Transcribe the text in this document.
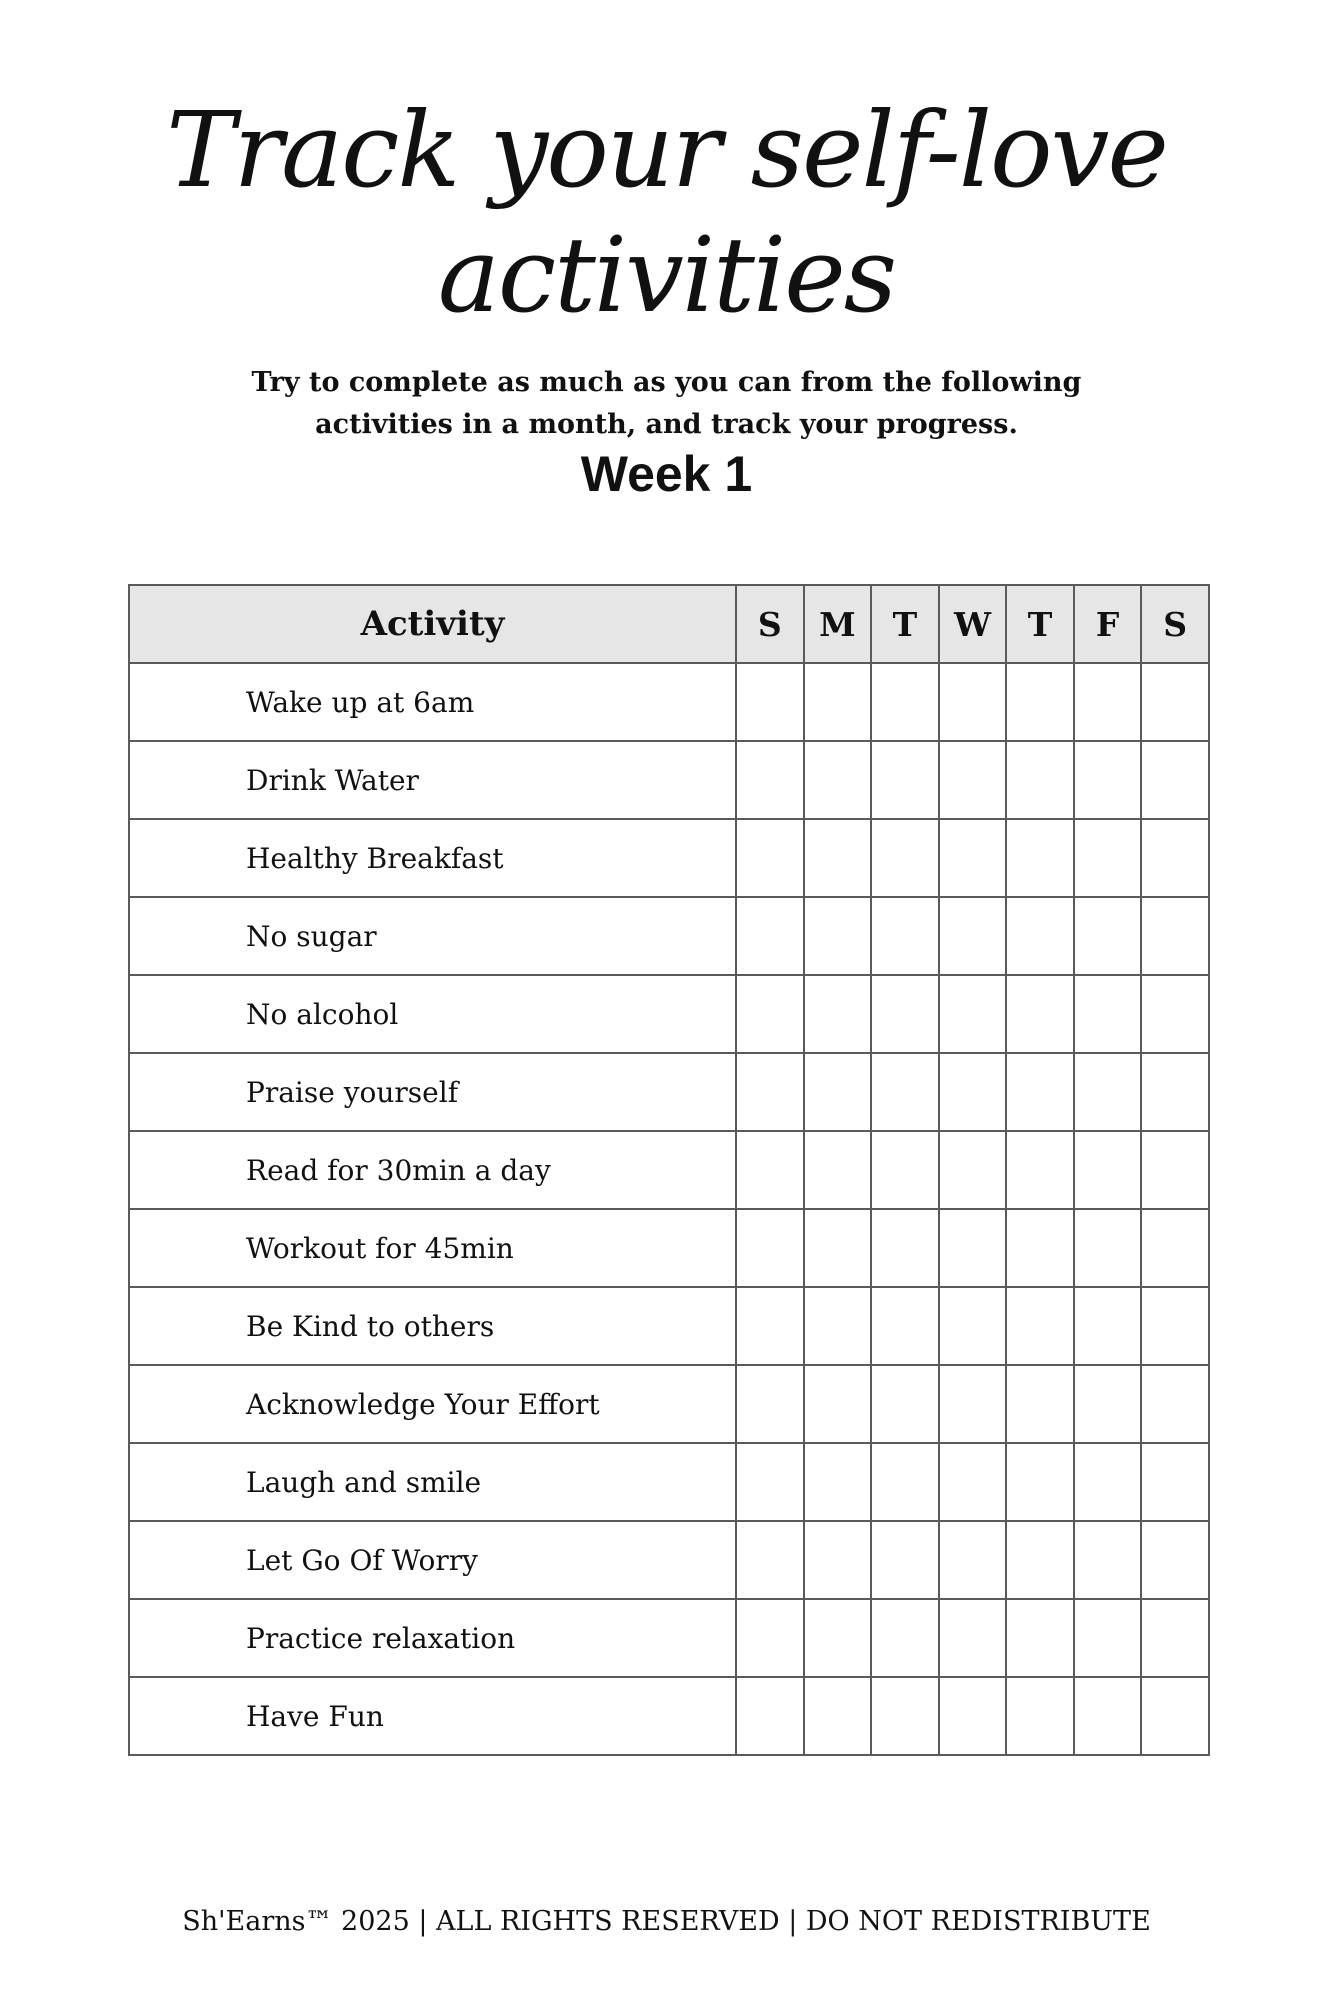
Track your self-love
activities
Try to complete as much as you can from the following
activities in a month, and track your progress.
Week 1
Activity	S	M	T	W	T	F	S
Wake up at 6am							
Drink Water							
Healthy Breakfast							
No sugar							
No alcohol							
Praise yourself							
Read for 30min a day							
Workout for 45min							
Be Kind to others							
Acknowledge Your Effort							
Laugh and smile							
Let Go Of Worry							
Practice relaxation							
Have Fun							
Sh'Earns™ 2025 | ALL RIGHTS RESERVED | DO NOT REDISTRIBUTE
